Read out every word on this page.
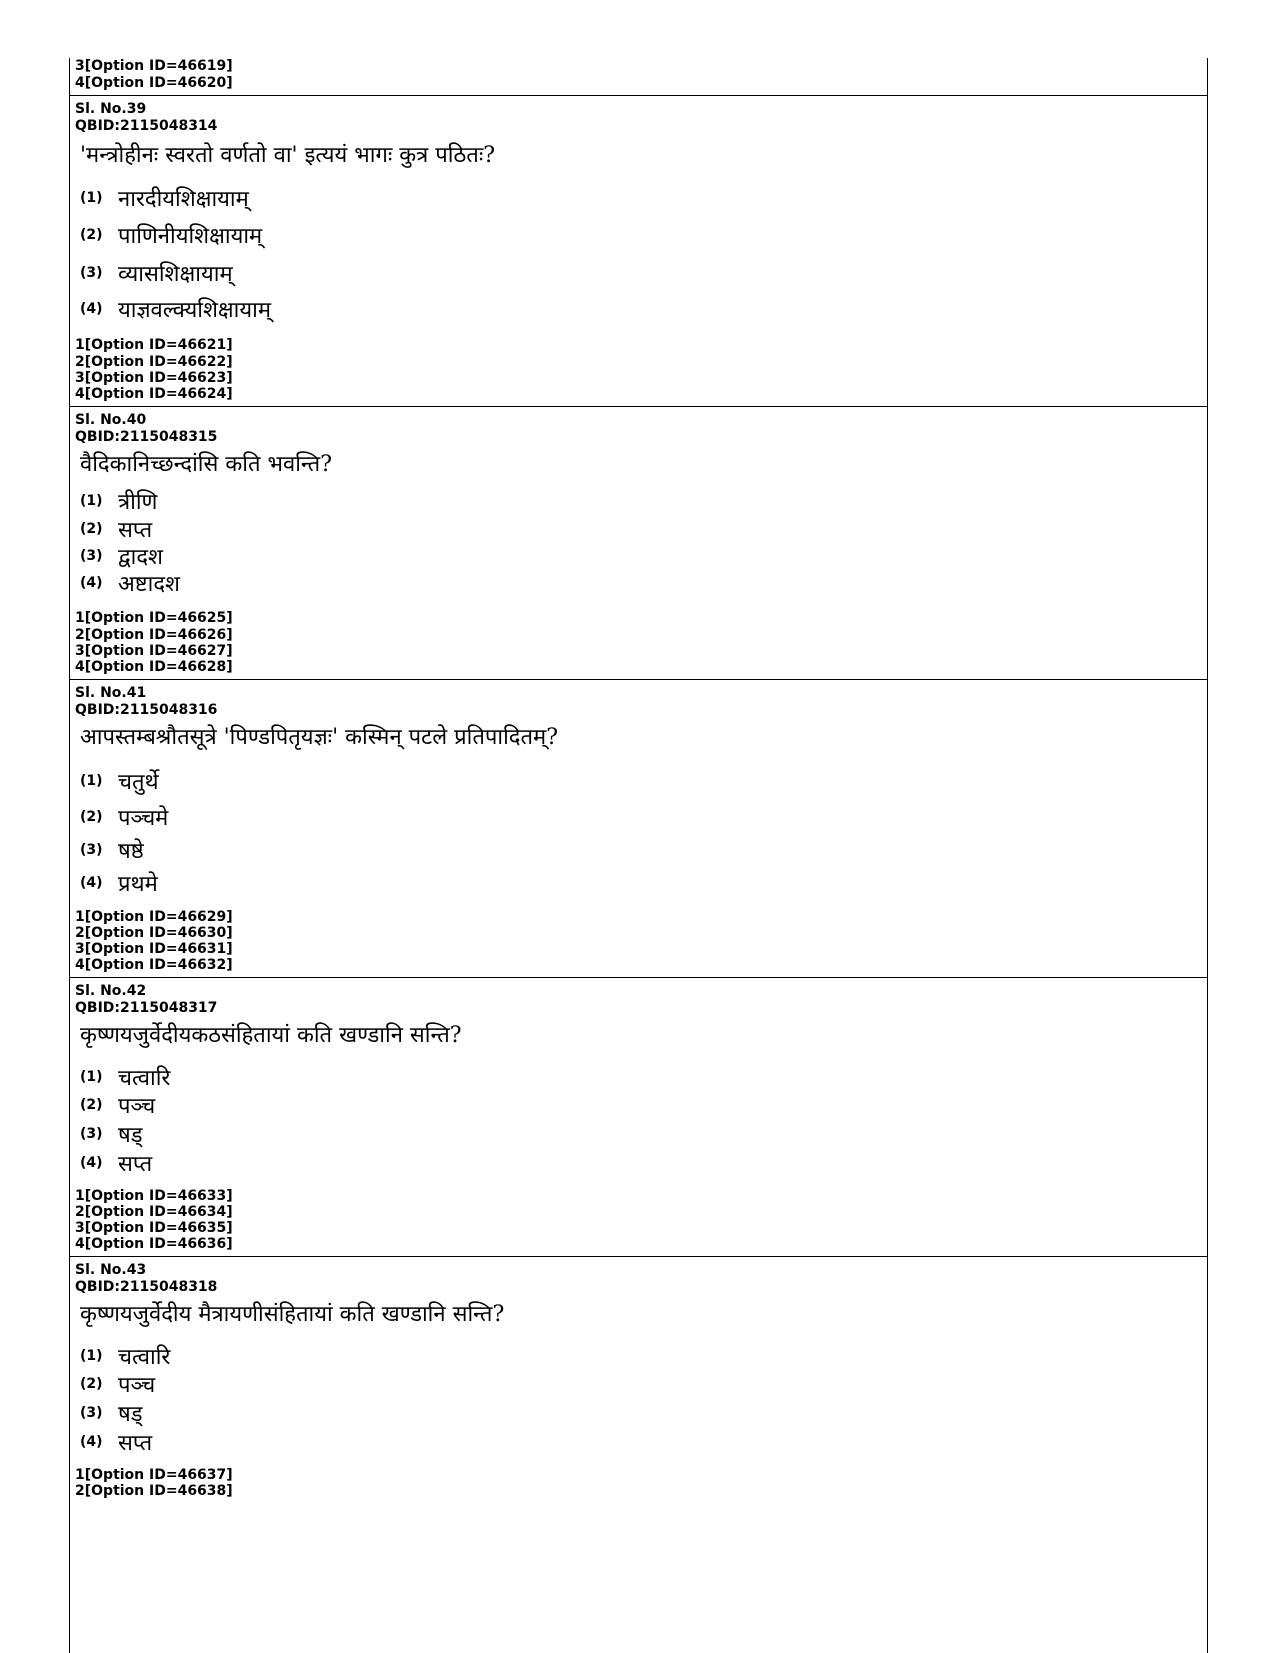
3[Option ID=46619]
4[Option ID=46620]
Sl. No.39
QBID:2115048314
'मन्त्रोहीनः स्वरतो वर्णतो वा' इत्ययं भागः कुत्र पठितः?
(1) नारदीयशिक्षायाम्
(2) पाणिनीयशिक्षायाम्
(3) व्यासशिक्षायाम्
(4) याज्ञवल्क्यशिक्षायाम्
1[Option ID=46621]
2[Option ID=46622]
3[Option ID=46623]
4[Option ID=46624]
Sl. No.40
QBID:2115048315
वैदिकानिच्छन्दांसि कति भवन्ति?
(1) त्रीणि
(2) सप्त
(3) द्वादश
(4) अष्टादश
1[Option ID=46625]
2[Option ID=46626]
3[Option ID=46627]
4[Option ID=46628]
Sl. No.41
QBID:2115048316
आपस्तम्बश्रौतसूत्रे 'पिण्डपितृयज्ञः' कस्मिन् पटले प्रतिपादितम्?
(1) चतुर्थे
(2) पञ्चमे
(3) षष्ठे
(4) प्रथमे
1[Option ID=46629]
2[Option ID=46630]
3[Option ID=46631]
4[Option ID=46632]
Sl. No.42
QBID:2115048317
कृष्णयजुर्वेदीयकठसंहितायां कति खण्डानि सन्ति?
(1) चत्वारि
(2) पञ्च
(3) षड्
(4) सप्त
1[Option ID=46633]
2[Option ID=46634]
3[Option ID=46635]
4[Option ID=46636]
Sl. No.43
QBID:2115048318
कृष्णयजुर्वेदीय मैत्रायणीसंहितायां कति खण्डानि सन्ति?
(1) चत्वारि
(2) पञ्च
(3) षड्
(4) सप्त
1[Option ID=46637]
2[Option ID=46638]
